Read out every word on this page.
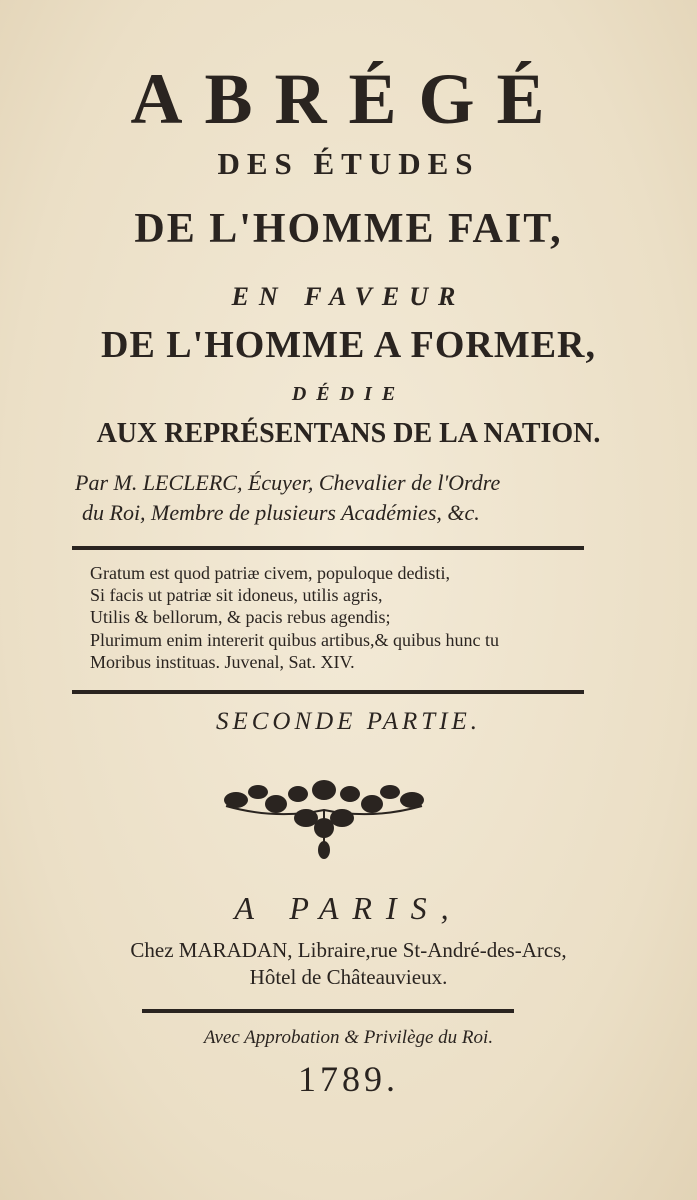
ABRÉGÉ
DES ÉTUDES
DE L'HOMME FAIT,
EN FAVEUR
DE L'HOMME A FORMER,
DÉDIE
AUX REPRÉSENTANS DE LA NATION.
Par M. LECLERC, Écuyer, Chevalier de l'Ordre
du Roi, Membre de plusieurs Académies, &c.
Gratum est quod patriæ civem, populoque dedisti,
Si facis ut patriæ sit idoneus, utilis agris,
Utilis & bellorum, & pacis rebus agendis;
Plurimum enim intererit quibus artibus,& quibus hunc tu
Moribus instituas. Juvenal, Sat. XIV.
SECONDE PARTIE.
A PARIS,
Chez MARADAN, Libraire,rue St-André-des-Arcs,
Hôtel de Châteauvieux.
Avec Approbation & Privilège du Roi.
1789.
